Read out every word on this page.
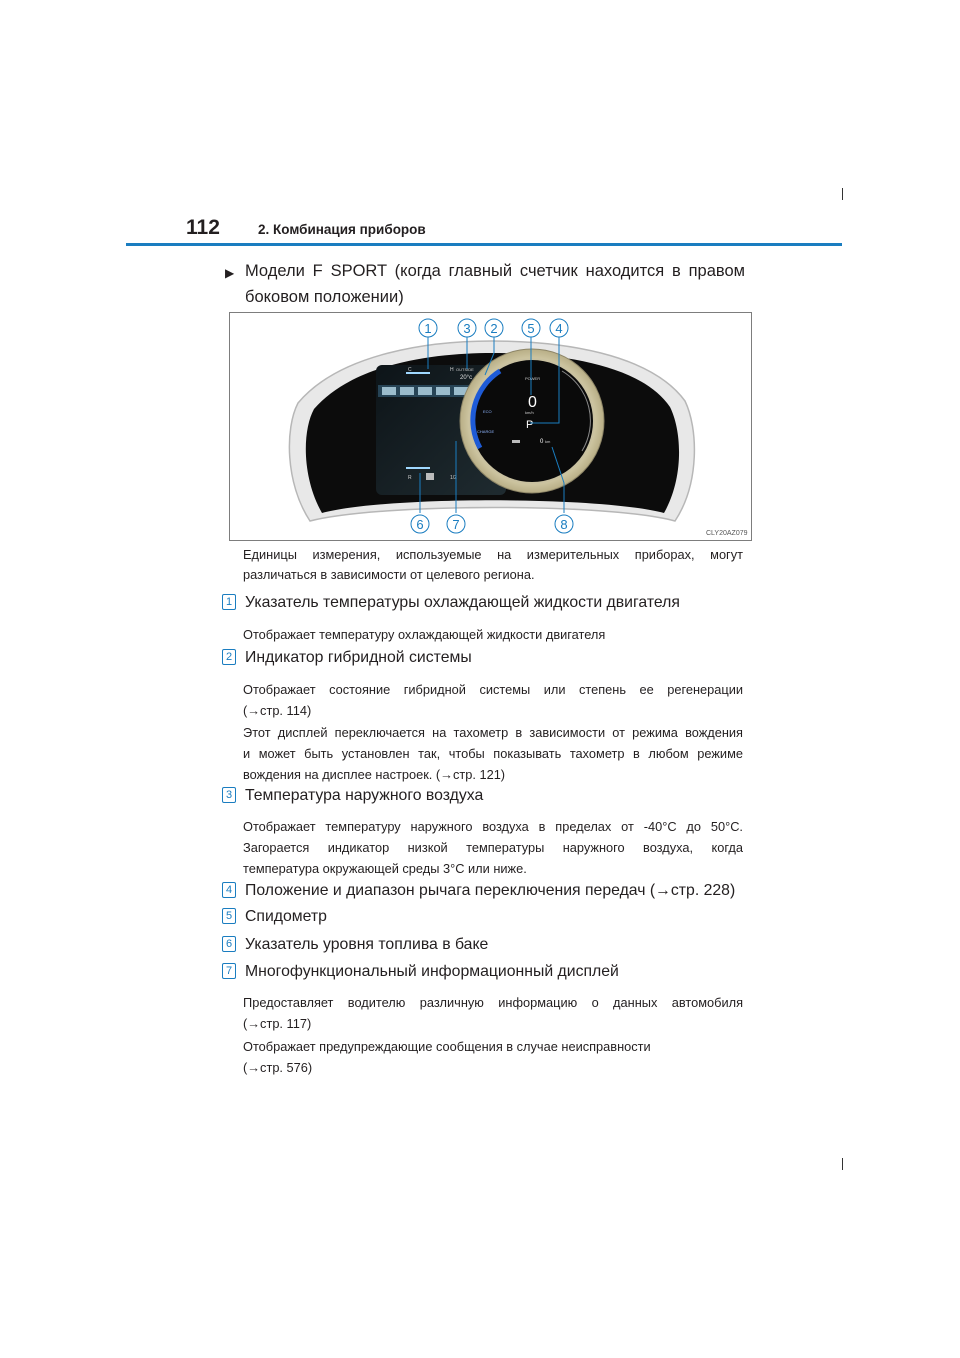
112	2. Комбинация приборов
▶ Модели F SPORT (когда главный счетчик находится в правом
боковом положении)

C	H OUTSIDE
20°c
R	1/2
POWER
ECO
CHARGE
0
km/h
P
0 km
1 3 2 5 4
6 7	8
CLY20AZ079
Единицы измерения, используемые на измерительных приборах, могут различаться в зависимости от целевого региона.
1 Указатель температуры охлаждающей жидкости двигателя
Отображает температуру охлаждающей жидкости двигателя
2 Индикатор гибридной системы
Отображает состояние гибридной системы или степень ее регенерации
(→стр. 114)
Этот дисплей переключается на тахометр в зависимости от режима вождения
и может быть установлен так, чтобы показывать тахометр в любом режиме
вождения на дисплее настроек. (→стр. 121)
3 Температура наружного воздуха
Отображает температуру наружного воздуха в пределах от -40°C до 50°C.
Загорается индикатор низкой температуры наружного воздуха, когда
температура окружающей среды 3°C или ниже.
4 Положение и диапазон рычага переключения передач (→стр. 228)
5 Спидометр
6 Указатель уровня топлива в баке
7 Многофункциональный информационный дисплей
Предоставляет водителю различную информацию о данных автомобиля
(→стр. 117)
Отображает предупреждающие сообщения в случае неисправности
(→стр. 576)
